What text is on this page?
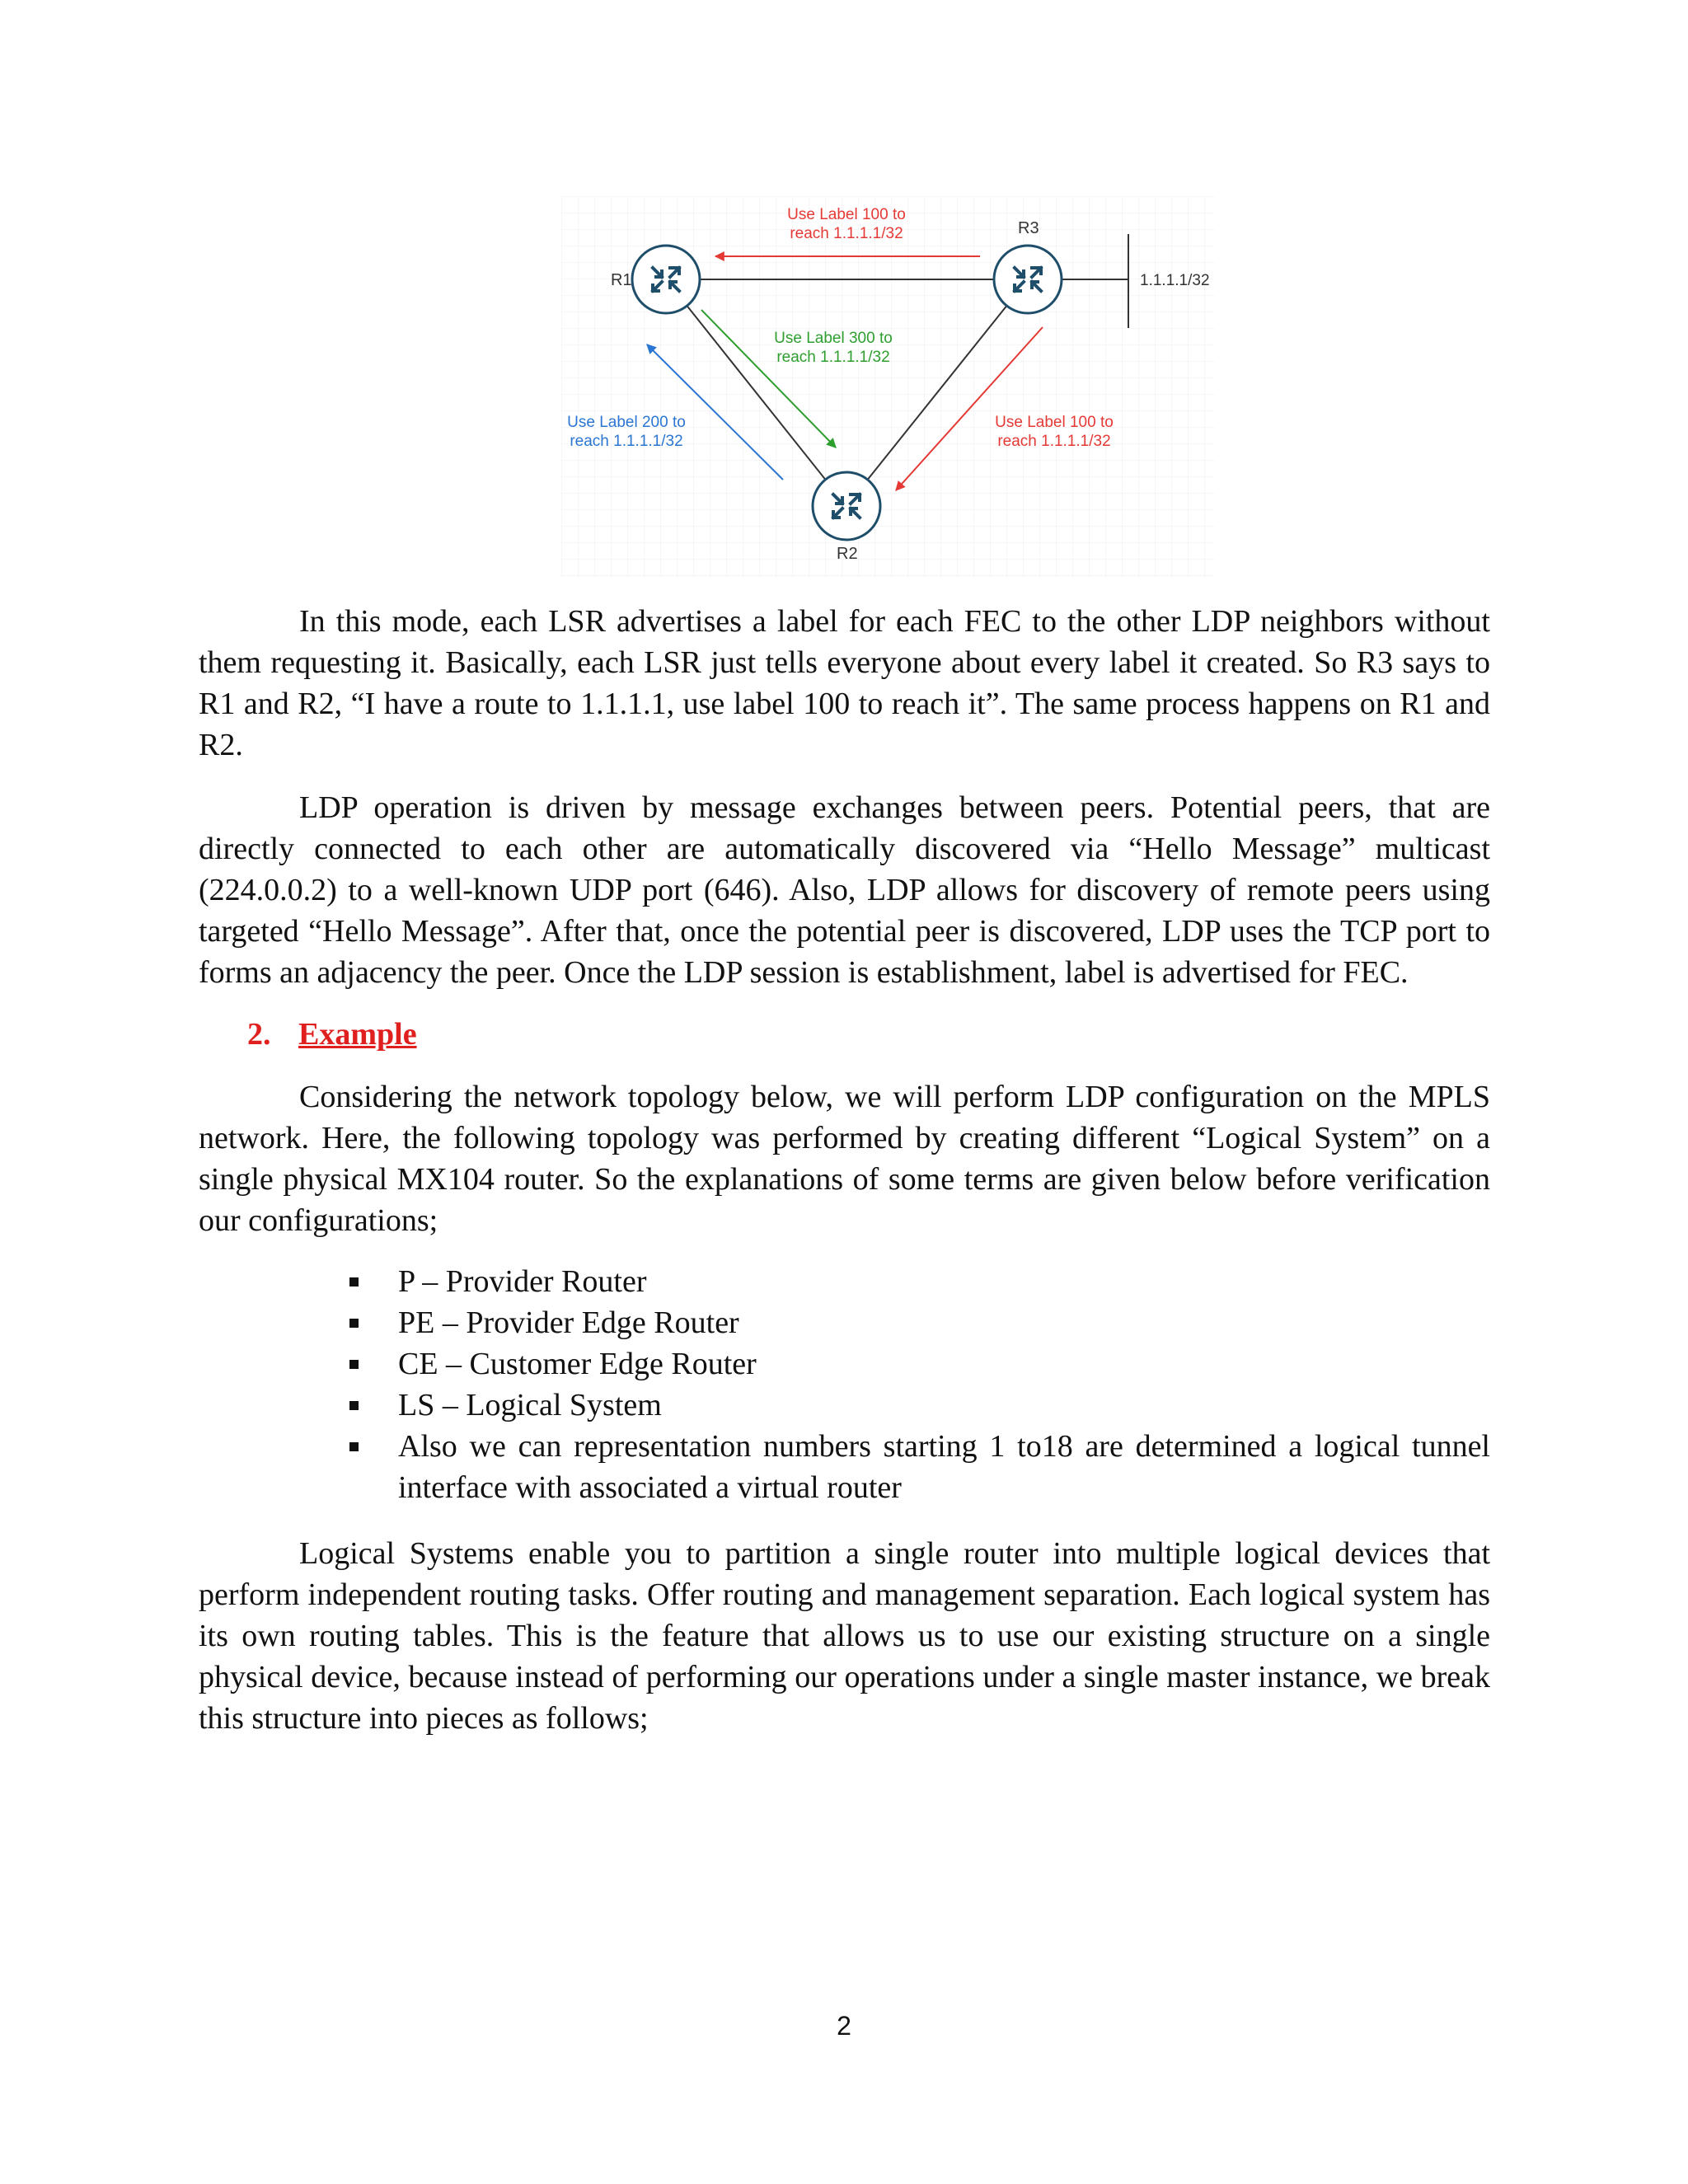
R1
R3
R2
1.1.1.1/32
Use Label 100 to
reach 1.1.1.1/32
Use Label 300 to
reach 1.1.1.1/32
Use Label 200 to
reach 1.1.1.1/32
Use Label 100 to
reach 1.1.1.1/32

In this mode, each LSR advertises a label for each FEC to the other LDP neighbors without them requesting it. Basically, each LSR just tells everyone about every label it created. So R3 says to R1 and R2, “I have a route to 1.1.1.1, use label 100 to reach it”. The same process happens on R1 and R2.

LDP operation is driven by message exchanges between peers. Potential peers, that are directly connected to each other are automatically discovered via “Hello Message” multicast (224.0.0.2) to a well-known UDP port (646). Also, LDP allows for discovery of remote peers using targeted “Hello Message”. After that, once the potential peer is discovered, LDP uses the TCP port to forms an adjacency the peer. Once the LDP session is establishment, label is advertised for FEC.

2. Example

Considering the network topology below, we will perform LDP configuration on the MPLS network. Here, the following topology was performed by creating different “Logical System” on a single physical MX104 router. So the explanations of some terms are given below before verification our configurations;

P – Provider Router
PE – Provider Edge Router
CE – Customer Edge Router
LS – Logical System
Also we can representation numbers starting 1 to18 are determined a logical tunnel interface with associated a virtual router

Logical Systems enable you to partition a single router into multiple logical devices that perform independent routing tasks. Offer routing and management separation. Each logical system has its own routing tables. This is the feature that allows us to use our existing structure on a single physical device, because instead of performing our operations under a single master instance, we break this structure into pieces as follows;

2
